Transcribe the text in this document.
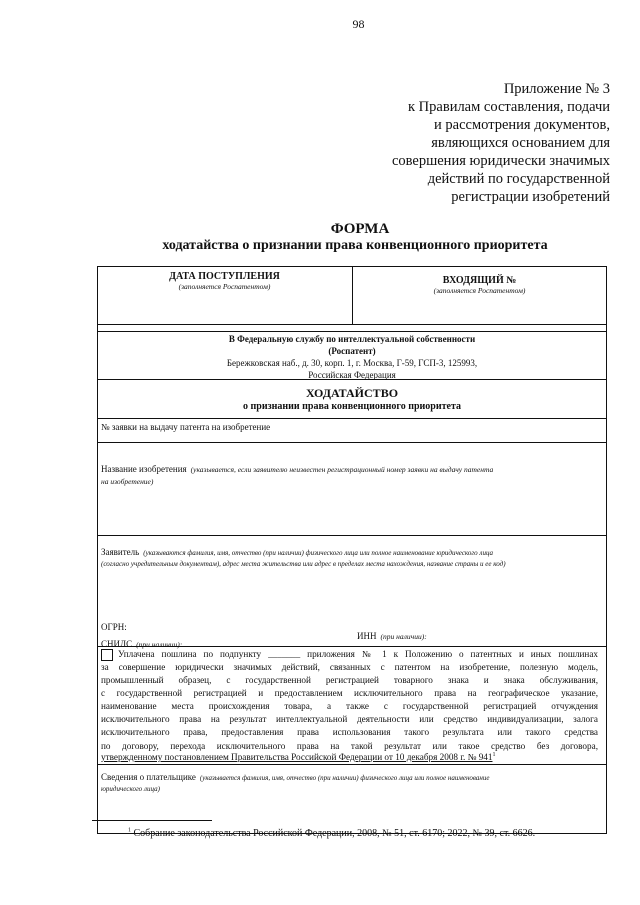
98
Приложение № 3
к Правилам составления, подачи
и рассмотрения документов,
являющихся основанием для
совершения юридически значимых
действий по государственной
регистрации изобретений
ФОРМА
ходатайства о признании права конвенционного приоритета
ДАТА ПОСТУПЛЕНИЯ
(заполняется Роспатентом)
ВХОДЯЩИЙ №
(заполняется Роспатентом)
В Федеральную службу по интеллектуальной собственности
(Роспатент)
Бережковская наб., д. 30, корп. 1, г. Москва, Г-59, ГСП-3, 125993,
Российская Федерация
ХОДАТАЙСТВО
о признании права конвенционного приоритета
№ заявки на выдачу патента на изобретение
Название изобретения (указывается, если заявителю неизвестен регистрационный номер заявки на выдачу патента
на изобретение)
Заявитель (указываются фамилия, имя, отчество (при наличии) физического лица или полное наименование юридического лица
(согласно учредительным документам), адрес места жительства или адрес в пределах места нахождения, название страны и ее код)
ОГРН:
ИНН (при наличии):
СНИЛС (при наличии):
Уплачена пошлина по подпункту _______ приложения № 1 к Положению о патентных и иных пошлинах
за совершение юридически значимых действий, связанных с патентом на изобретение, полезную модель,
промышленный образец, с государственной регистрацией товарного знака и знака обслуживания,
с государственной регистрацией и предоставлением исключительного права на географическое указание,
наименование места происхождения товара, а также с государственной регистрацией отчуждения
исключительного права на результат интеллектуальной деятельности или средство индивидуализации, залога
исключительного права, предоставления права использования такого результата или такого средства
по договору, перехода исключительного права на такой результат или такое средство без договора,
утвержденному постановлением Правительства Российской Федерации от 10 декабря 2008 г. № $941^1$
Сведения о плательщике (указывается фамилия, имя, отчество (при наличии) физического лица или полное наименование
юридического лица)
$^1$ Собрание законодательства Российской Федерации, 2008, № 51, ст. 6170; 2022, № 39, ст. 6626.
